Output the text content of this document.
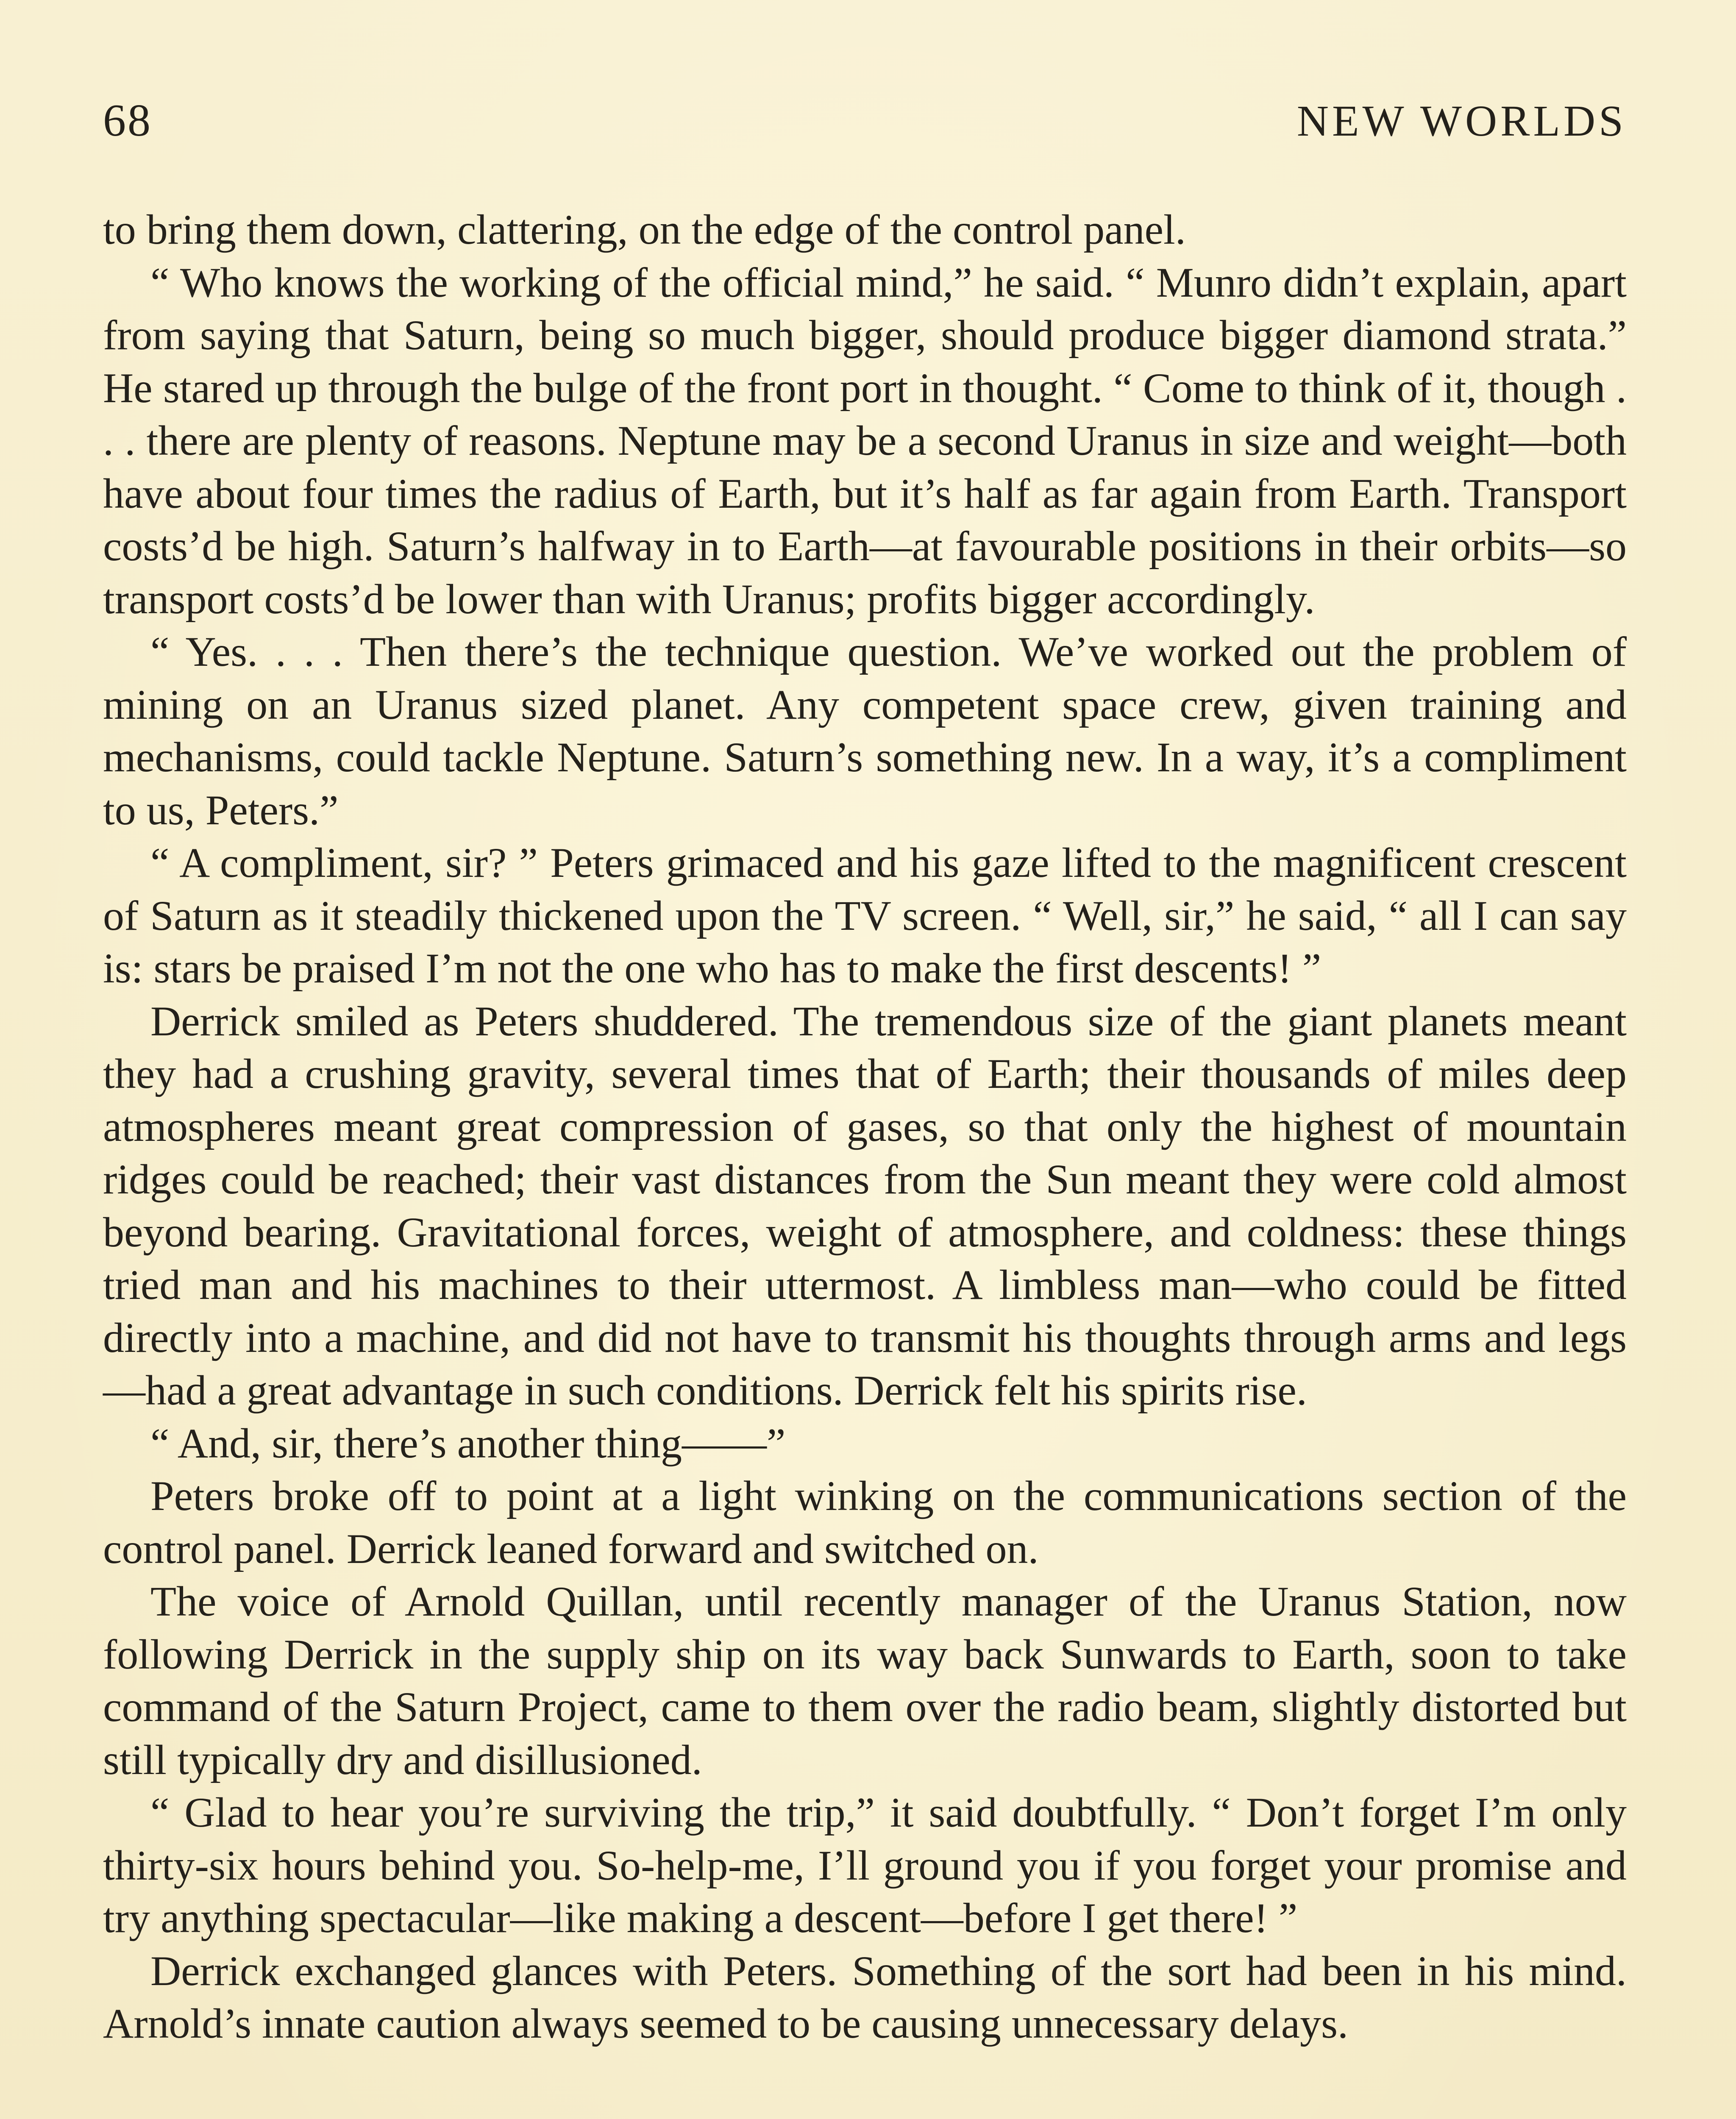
68	NEW WORLDS

to bring them down, clattering, on the edge of the control panel.

“ Who knows the working of the official mind,” he said. “ Munro didn’t explain, apart from saying that Saturn, being so much bigger, should produce bigger diamond strata.” He stared up through the bulge of the front port in thought. “ Come to think of it, though . . . there are plenty of reasons. Neptune may be a second Uranus in size and weight—both have about four times the radius of Earth, but it’s half as far again from Earth. Transport costs’d be high. Saturn’s halfway in to Earth—at favourable positions in their orbits—so transport costs’d be lower than with Uranus; profits bigger accordingly.

“ Yes. . . . Then there’s the technique question. We’ve worked out the problem of mining on an Uranus sized planet. Any competent space crew, given training and mechanisms, could tackle Neptune. Saturn’s something new. In a way, it’s a compliment to us, Peters.”

“ A compliment, sir? ” Peters grimaced and his gaze lifted to the magnificent crescent of Saturn as it steadily thickened upon the TV screen. “ Well, sir,” he said, “ all I can say is: stars be praised I’m not the one who has to make the first descents! ”

Derrick smiled as Peters shuddered. The tremendous size of the giant planets meant they had a crushing gravity, several times that of Earth; their thousands of miles deep atmospheres meant great compression of gases, so that only the highest of mountain ridges could be reached; their vast distances from the Sun meant they were cold almost beyond bearing. Gravitational forces, weight of atmosphere, and coldness: these things tried man and his machines to their uttermost. A limbless man—who could be fitted directly into a machine, and did not have to transmit his thoughts through arms and legs—had a great advantage in such conditions. Derrick felt his spirits rise.

“ And, sir, there’s another thing——”

Peters broke off to point at a light winking on the communications section of the control panel. Derrick leaned forward and switched on.

The voice of Arnold Quillan, until recently manager of the Uranus Station, now following Derrick in the supply ship on its way back Sunwards to Earth, soon to take command of the Saturn Project, came to them over the radio beam, slightly distorted but still typically dry and disillusioned.

“ Glad to hear you’re surviving the trip,” it said doubtfully. “ Don’t forget I’m only thirty-six hours behind you. So-help-me, I’ll ground you if you forget your promise and try anything spectacular—like making a descent—before I get there! ”

Derrick exchanged glances with Peters. Something of the sort had been in his mind. Arnold’s innate caution always seemed to be causing unnecessary delays.
